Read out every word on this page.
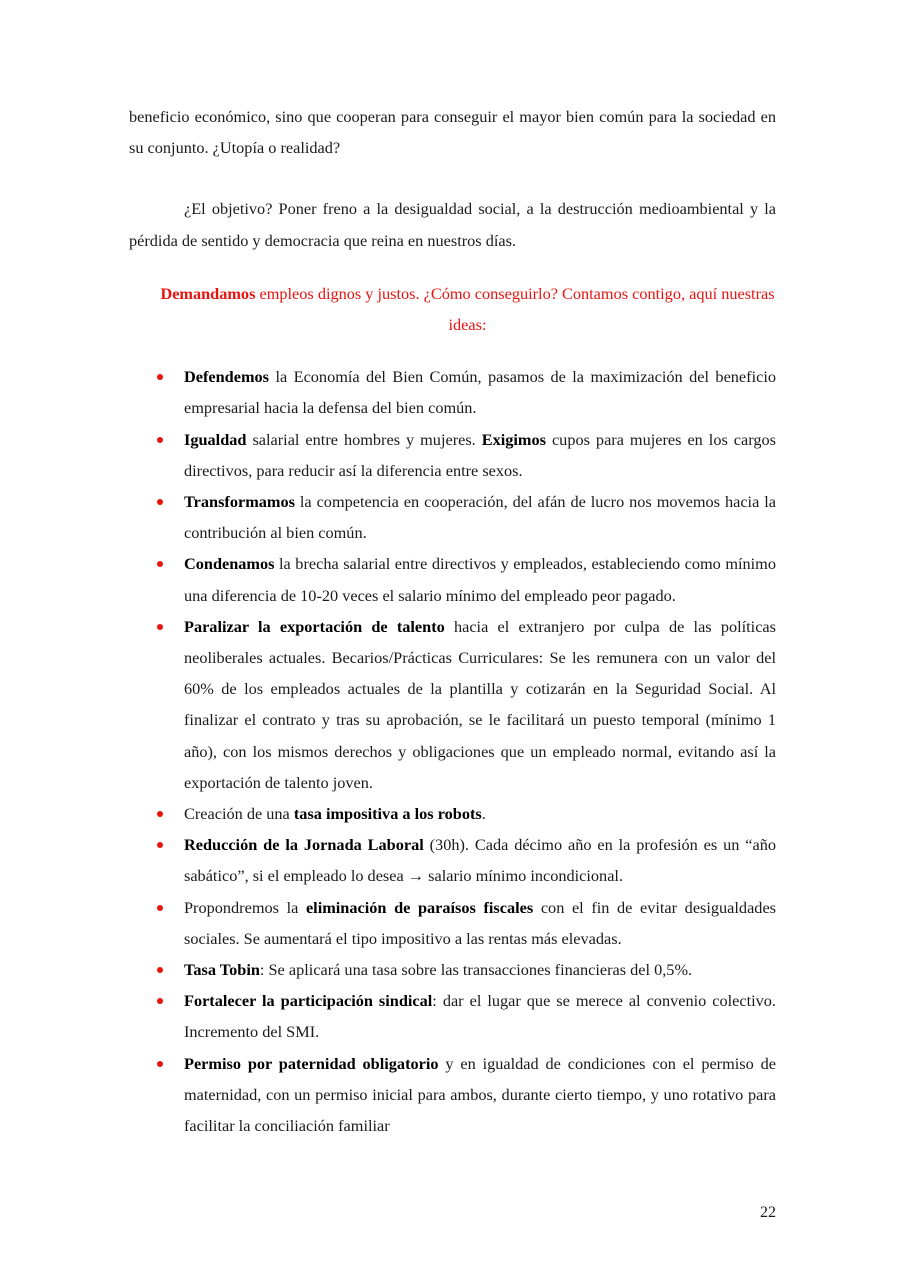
beneficio económico, sino que cooperan para conseguir el mayor bien común para la sociedad en su conjunto. ¿Utopía o realidad?

¿El objetivo? Poner freno a la desigualdad social, a la destrucción medioambiental y la pérdida de sentido y democracia que reina en nuestros días.

Demandamos empleos dignos y justos. ¿Cómo conseguirlo? Contamos contigo, aquí nuestras ideas:

Defendemos la Economía del Bien Común, pasamos de la maximización del beneficio empresarial hacia la defensa del bien común.
Igualdad salarial entre hombres y mujeres. Exigimos cupos para mujeres en los cargos directivos, para reducir así la diferencia entre sexos.
Transformamos la competencia en cooperación, del afán de lucro nos movemos hacia la contribución al bien común.
Condenamos la brecha salarial entre directivos y empleados, estableciendo como mínimo una diferencia de 10-20 veces el salario mínimo del empleado peor pagado.
Paralizar la exportación de talento hacia el extranjero por culpa de las políticas neoliberales actuales. Becarios/Prácticas Curriculares: Se les remunera con un valor del 60% de los empleados actuales de la plantilla y cotizarán en la Seguridad Social. Al finalizar el contrato y tras su aprobación, se le facilitará un puesto temporal (mínimo 1 año), con los mismos derechos y obligaciones que un empleado normal, evitando así la exportación de talento joven.
Creación de una tasa impositiva a los robots.
Reducción de la Jornada Laboral (30h). Cada décimo año en la profesión es un “año sabático”, si el empleado lo desea → salario mínimo incondicional.
Propondremos la eliminación de paraísos fiscales con el fin de evitar desigualdades sociales. Se aumentará el tipo impositivo a las rentas más elevadas.
Tasa Tobin: Se aplicará una tasa sobre las transacciones financieras del 0,5%.
Fortalecer la participación sindical: dar el lugar que se merece al convenio colectivo. Incremento del SMI.
Permiso por paternidad obligatorio y en igualdad de condiciones con el permiso de maternidad, con un permiso inicial para ambos, durante cierto tiempo, y uno rotativo para facilitar la conciliación familiar
22
